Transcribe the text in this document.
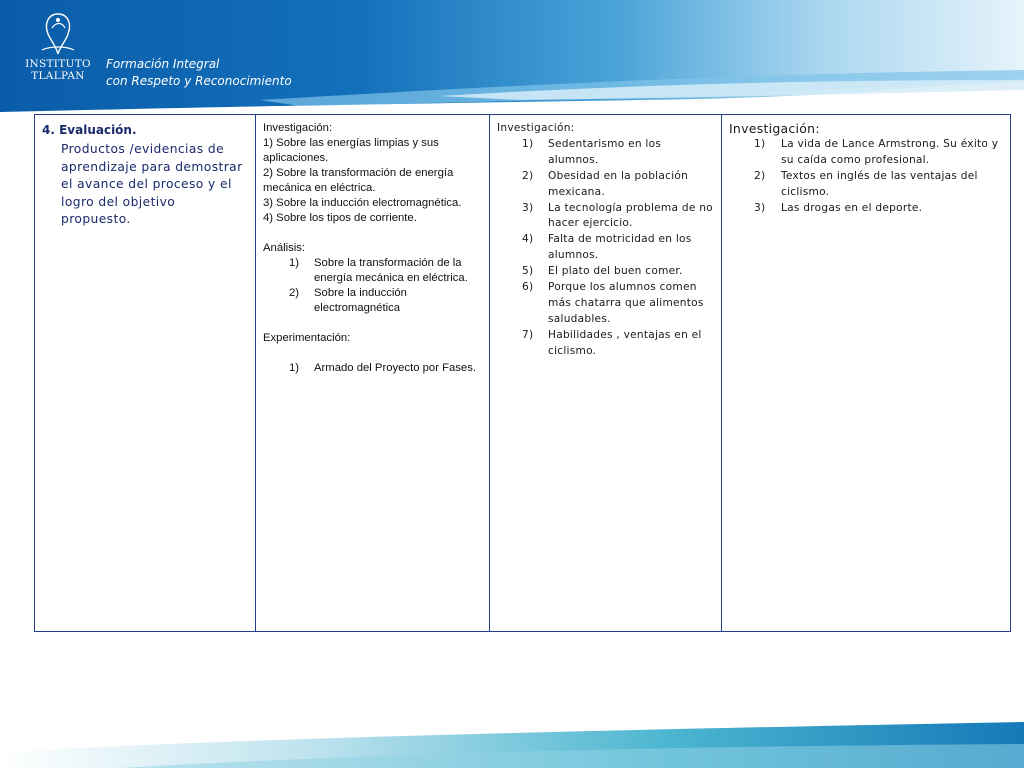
INSTITUTO
TLALPAN
Formación Integral
con Respeto y Reconocimiento
4. Evaluación.
Productos /evidencias de aprendizaje para demostrar el avance del proceso y el logro del objetivo propuesto.
Investigación:
1) Sobre las energías limpias y sus aplicaciones.
2) Sobre la transformación de energía mecánica en eléctrica.
3) Sobre la inducción electromagnética.
4) Sobre los tipos de corriente.
Análisis:
1) Sobre la transformación de la energía mecánica en eléctrica.
2) Sobre la inducción electromagnética
Experimentación:
1) Armado del Proyecto por Fases.
Investigación:
1) Sedentarismo en los alumnos.
2) Obesidad en la población mexicana.
3) La tecnología problema de no hacer ejercicio.
4) Falta de motricidad en los alumnos.
5) El plato del buen comer.
6) Porque los alumnos comen más chatarra que alimentos saludables.
7) Habilidades , ventajas en el ciclismo.
Investigación:
1) La vida de Lance Armstrong. Su éxito y su caída como profesional.
2) Textos en inglés de las ventajas del ciclismo.
3) Las drogas en el deporte.
